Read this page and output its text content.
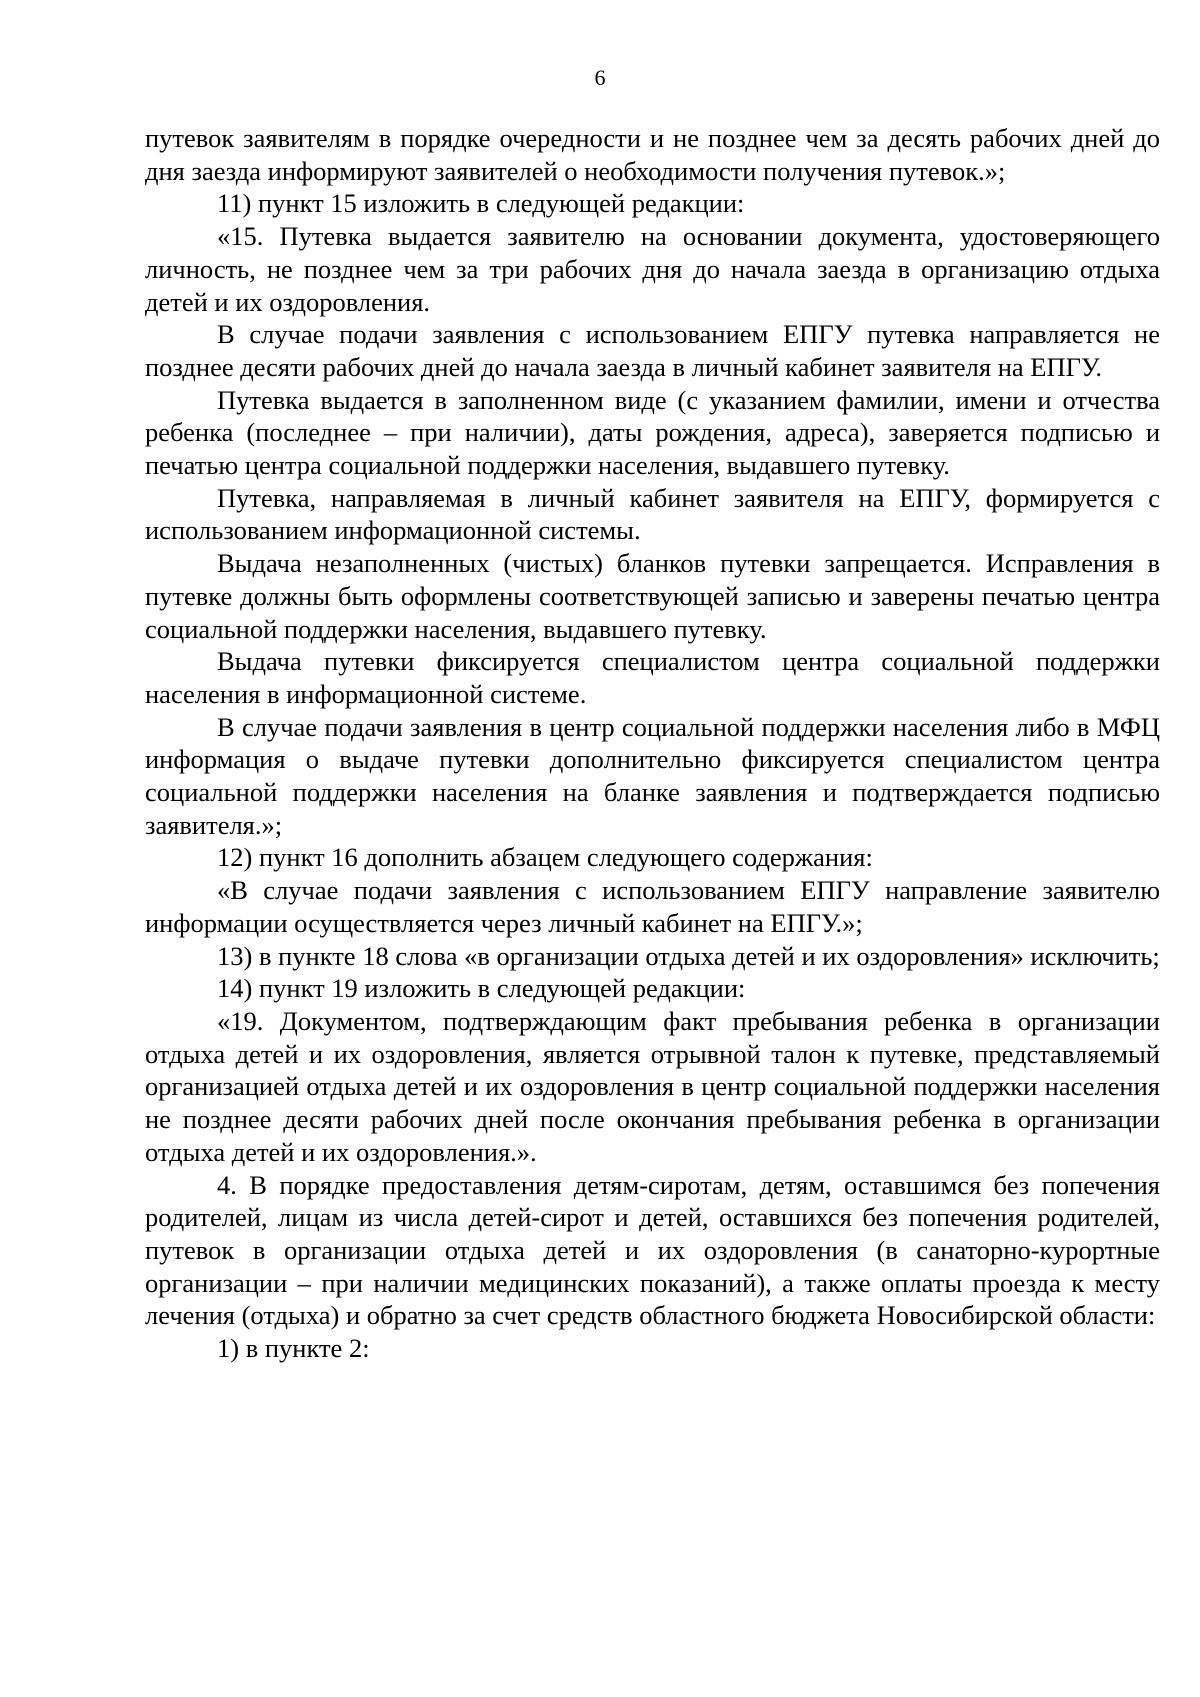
6

путевок заявителям в порядке очередности и не позднее чем за десять рабочих дней до дня заезда информируют заявителей о необходимости получения путевок.»;

11) пункт 15 изложить в следующей редакции:

«15. Путевка выдается заявителю на основании документа, удостоверяющего личность, не позднее чем за три рабочих дня до начала заезда в организацию отдыха детей и их оздоровления.

В случае подачи заявления с использованием ЕПГУ путевка направляется не позднее десяти рабочих дней до начала заезда в личный кабинет заявителя на ЕПГУ.

Путевка выдается в заполненном виде (с указанием фамилии, имени и отчества ребенка (последнее – при наличии), даты рождения, адреса), заверяется подписью и печатью центра социальной поддержки населения, выдавшего путевку.

Путевка, направляемая в личный кабинет заявителя на ЕПГУ, формируется с использованием информационной системы.

Выдача незаполненных (чистых) бланков путевки запрещается. Исправления в путевке должны быть оформлены соответствующей записью и заверены печатью центра социальной поддержки населения, выдавшего путевку.

Выдача путевки фиксируется специалистом центра социальной поддержки населения в информационной системе.

В случае подачи заявления в центр социальной поддержки населения либо в МФЦ информация о выдаче путевки дополнительно фиксируется специалистом центра социальной поддержки населения на бланке заявления и подтверждается подписью заявителя.»;

12) пункт 16 дополнить абзацем следующего содержания:

«В случае подачи заявления с использованием ЕПГУ направление заявителю информации осуществляется через личный кабинет на ЕПГУ.»;

13) в пункте 18 слова «в организации отдыха детей и их оздоровления» исключить;

14) пункт 19 изложить в следующей редакции:

«19. Документом, подтверждающим факт пребывания ребенка в организации отдыха детей и их оздоровления, является отрывной талон к путевке, представляемый организацией отдыха детей и их оздоровления в центр социальной поддержки населения не позднее десяти рабочих дней после окончания пребывания ребенка в организации отдыха детей и их оздоровления.».

4. В порядке предоставления детям-сиротам, детям, оставшимся без попечения родителей, лицам из числа детей-сирот и детей, оставшихся без попечения родителей, путевок в организации отдыха детей и их оздоровления (в санаторно-курортные организации – при наличии медицинских показаний), а также оплаты проезда к месту лечения (отдыха) и обратно за счет средств областного бюджета Новосибирской области:

1) в пункте 2:
